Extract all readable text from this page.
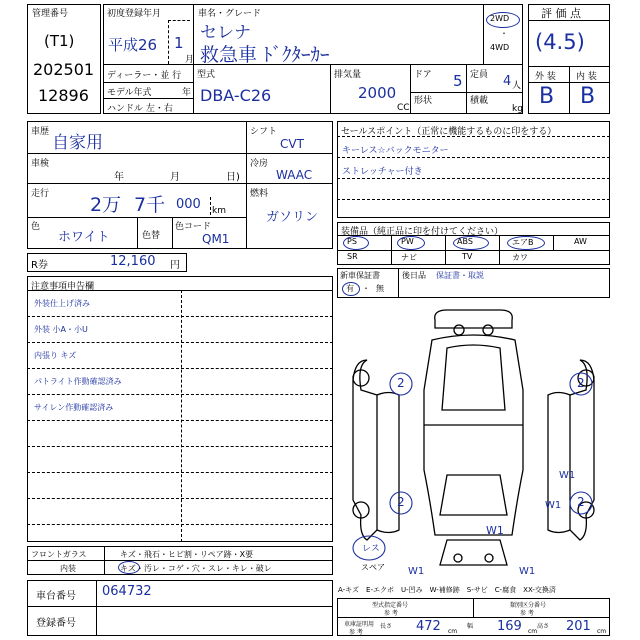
管理番号
(T1)
202501
12896
初度登録年月
平成26 1
月
車名・グレード
セレナ
救急車 ﾄﾞｸﾀｰｶｰ
2WD
・
4WD
ディーラー・並 行
モデル年式	年
ハンドル 左・右
型式
DBA-C26
排気量
2000
CC
ドア 5
形状
定員 4 人
積載
kg
評 価 点
(4.5)
外 装 内 装
B B
車歴
自家用
車検
年	月	日)
走行 2万 7千 000 km
色
ホワイト	色替
色コード
QM1
シフト
CVT
冷房
WAAC
燃料
ガソリン
R券	12,160 円
セールスポイント（正常に機能するものに印をする）
キーレス☆バックモニター
ストレッチャー付き
装備品（純正品に印を付けてください）
PS	PW	ABS	エアB	AW
SR	ナビ	TV	カワ
新車保証書
有 ・ 無
後日品 保証書・取説
注意事項申告欄
外装仕上げ済み
外装 小A・小U
内張り キズ
パトライト作動確認済み
サイレン作動確認済み
2	2
2	2
W1
W1
W1
W1
W1
レス
スペア
フロントガラス	キズ・飛石・ヒビ割・リペア跡・X要
内装	キズ・汚レ・コゲ・穴・スレ・キレ・破レ
車台番号 064732
登録番号
A-キズ　E-エクボ　U-凹み　W-補修跡　S-サビ　C-腐食　XX-交換済
型式指定番号
参 考
類別区分番号
参 考
車庫証明用
参 考
長さ 472 cm
幅 169 cm
高さ 201 cm
